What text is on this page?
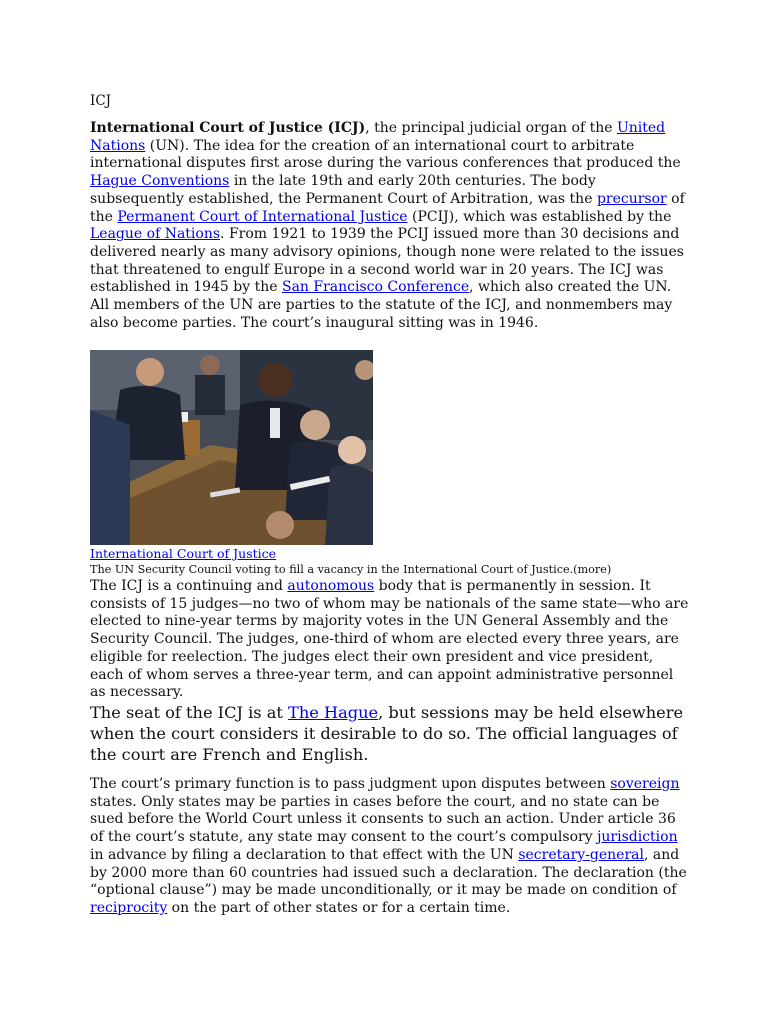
ICJ

International Court of Justice (ICJ), the principal judicial organ of the United Nations (UN). The idea for the creation of an international court to arbitrate international disputes first arose during the various conferences that produced the Hague Conventions in the late 19th and early 20th centuries. The body subsequently established, the Permanent Court of Arbitration, was the precursor of the Permanent Court of International Justice (PCIJ), which was established by the League of Nations. From 1921 to 1939 the PCIJ issued more than 30 decisions and delivered nearly as many advisory opinions, though none were related to the issues that threatened to engulf Europe in a second world war in 20 years. The ICJ was established in 1945 by the San Francisco Conference, which also created the UN. All members of the UN are parties to the statute of the ICJ, and nonmembers may also become parties. The court’s inaugural sitting was in 1946.

International Court of Justice
The UN Security Council voting to fill a vacancy in the International Court of Justice.(more)

The ICJ is a continuing and autonomous body that is permanently in session. It consists of 15 judges—no two of whom may be nationals of the same state—who are elected to nine-year terms by majority votes in the UN General Assembly and the Security Council. The judges, one-third of whom are elected every three years, are eligible for reelection. The judges elect their own president and vice president, each of whom serves a three-year term, and can appoint administrative personnel as necessary.

The seat of the ICJ is at The Hague, but sessions may be held elsewhere when the court considers it desirable to do so. The official languages of the court are French and English.

The court’s primary function is to pass judgment upon disputes between sovereign states. Only states may be parties in cases before the court, and no state can be sued before the World Court unless it consents to such an action. Under article 36 of the court’s statute, any state may consent to the court’s compulsory jurisdiction in advance by filing a declaration to that effect with the UN secretary-general, and by 2000 more than 60 countries had issued such a declaration. The declaration (the “optional clause”) may be made unconditionally, or it may be made on condition of reciprocity on the part of other states or for a certain time.
